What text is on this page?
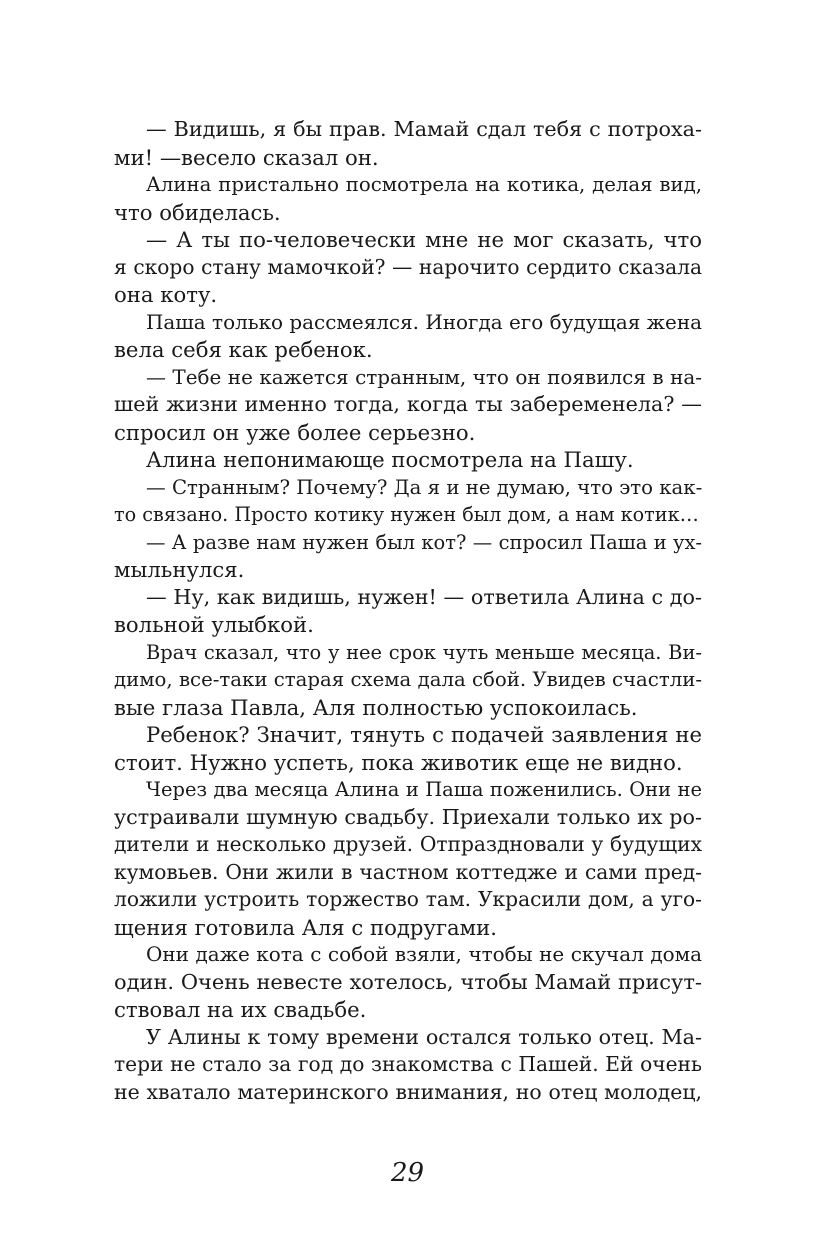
— Видишь, я бы прав. Мамай сдал тебя с потроха-
ми! —весело сказал он.
Алина пристально посмотрела на котика, делая вид,
что обиделась.
— А ты по-человечески мне не мог сказать, что
я скоро стану мамочкой? — нарочито сердито сказала
она коту.
Паша только рассмеялся. Иногда его будущая жена
вела себя как ребенок.
— Тебе не кажется странным, что он появился в на-
шей жизни именно тогда, когда ты забеременела? —
спросил он уже более серьезно.
Алина непонимающе посмотрела на Пашу.
— Странным? Почему? Да я и не думаю, что это как-
то связано. Просто котику нужен был дом, а нам котик…
— А разве нам нужен был кот? — спросил Паша и ух-
мыльнулся.
— Ну, как видишь, нужен! — ответила Алина с до-
вольной улыбкой.
Врач сказал, что у нее срок чуть меньше месяца. Ви-
димо, все-таки старая схема дала сбой. Увидев счастли-
вые глаза Павла, Аля полностью успокоилась.
Ребенок? Значит, тянуть с подачей заявления не
стоит. Нужно успеть, пока животик еще не видно.
Через два месяца Алина и Паша поженились. Они не
устраивали шумную свадьбу. Приехали только их ро-
дители и несколько друзей. Отпраздновали у будущих
кумовьев. Они жили в частном коттедже и сами пред-
ложили устроить торжество там. Украсили дом, а уго-
щения готовила Аля с подругами.
Они даже кота с собой взяли, чтобы не скучал дома
один. Очень невесте хотелось, чтобы Мамай присут-
ствовал на их свадьбе.
У Алины к тому времени остался только отец. Ма-
тери не стало за год до знакомства с Пашей. Ей очень
не хватало материнского внимания, но отец молодец,
29
